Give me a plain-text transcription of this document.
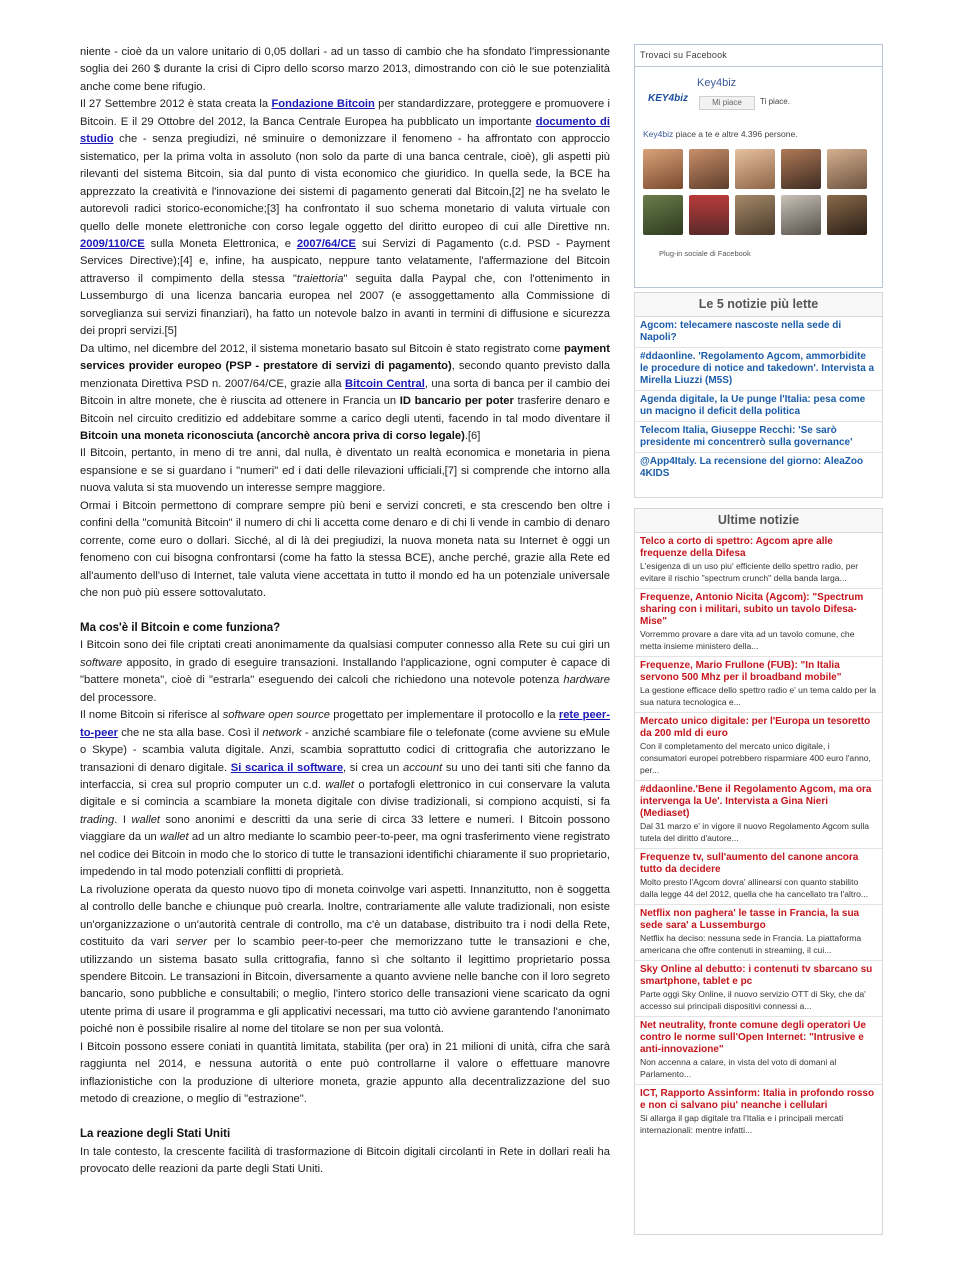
niente - cioè da un valore unitario di 0,05 dollari - ad un tasso di cambio che ha sfondato l'impressionante soglia dei 260 $ durante la crisi di Cipro dello scorso marzo 2013, dimostrando con ciò le sue potenzialità anche come bene rifugio.

Il 27 Settembre 2012 è stata creata la Fondazione Bitcoin per standardizzare, proteggere e promuovere i Bitcoin. E il 29 Ottobre del 2012, la Banca Centrale Europea ha pubblicato un importante documento di studio che - senza pregiudizi, né sminuire o demonizzare il fenomeno - ha affrontato con approccio sistematico, per la prima volta in assoluto (non solo da parte di una banca centrale, cioè), gli aspetti più rilevanti del sistema Bitcoin, sia dal punto di vista economico che giuridico. In quella sede, la BCE ha apprezzato la creatività e l'innovazione dei sistemi di pagamento generati dal Bitcoin,[2] ne ha svelato le autorevoli radici storico-economiche;[3] ha confrontato il suo schema monetario di valuta virtuale con quello delle monete elettroniche con corso legale oggetto del diritto europeo di cui alle Direttive nn. 2009/110/CE sulla Moneta Elettronica, e 2007/64/CE sui Servizi di Pagamento (c.d. PSD - Payment Services Directive);[4] e, infine, ha auspicato, neppure tanto velatamente, l'affermazione del Bitcoin attraverso il compimento della stessa "traiettoria" seguita dalla Paypal che, con l'ottenimento in Lussemburgo di una licenza bancaria europea nel 2007 (e assoggettamento alla Commissione di sorveglianza sui servizi finanziari), ha fatto un notevole balzo in avanti in termini di diffusione e sicurezza dei propri servizi.[5]

Da ultimo, nel dicembre del 2012, il sistema monetario basato sul Bitcoin è stato registrato come payment services provider europeo (PSP - prestatore di servizi di pagamento), secondo quanto previsto dalla menzionata Direttiva PSD n. 2007/64/CE, grazie alla Bitcoin Central, una sorta di banca per il cambio dei Bitcoin in altre monete, che è riuscita ad ottenere in Francia un ID bancario per poter trasferire denaro e Bitcoin nel circuito creditizio ed addebitare somme a carico degli utenti, facendo in tal modo diventare il Bitcoin una moneta riconosciuta (ancorchè ancora priva di corso legale).[6]

Il Bitcoin, pertanto, in meno di tre anni, dal nulla, è diventato un realtà economica e monetaria in piena espansione e se si guardano i "numeri" ed i dati delle rilevazioni ufficiali,[7] si comprende che intorno alla nuova valuta si sta muovendo un interesse sempre maggiore.

Ormai i Bitcoin permettono di comprare sempre più beni e servizi concreti, e sta crescendo ben oltre i confini della "comunità Bitcoin" il numero di chi li accetta come denaro e di chi li vende in cambio di denaro corrente, come euro o dollari. Sicché, al di là dei pregiudizi, la nuova moneta nata su Internet è oggi un fenomeno con cui bisogna confrontarsi (come ha fatto la stessa BCE), anche perché, grazie alla Rete ed all'aumento dell'uso di Internet, tale valuta viene accettata in tutto il mondo ed ha un potenziale universale che non può più essere sottovalutato.

Ma cos'è il Bitcoin e come funziona?

I Bitcoin sono dei file criptati creati anonimamente da qualsiasi computer connesso alla Rete su cui giri un software apposito, in grado di eseguire transazioni. Installando l'applicazione, ogni computer è capace di "battere moneta", cioè di "estrarla" eseguendo dei calcoli che richiedono una notevole potenza hardware del processore.

Il nome Bitcoin si riferisce al software open source progettato per implementare il protocollo e la rete peer-to-peer che ne sta alla base. Così il network - anziché scambiare file o telefonate (come avviene su eMule o Skype) - scambia valuta digitale. Anzi, scambia soprattutto codici di crittografia che autorizzano le transazioni di denaro digitale. Si scarica il software, si crea un account su uno dei tanti siti che fanno da interfaccia, si crea sul proprio computer un c.d. wallet o portafogli elettronico in cui conservare la valuta digitale e si comincia a scambiare la moneta digitale con divise tradizionali, si compiono acquisti, si fa trading. I wallet sono anonimi e descritti da una serie di circa 33 lettere e numeri. I Bitcoin possono viaggiare da un wallet ad un altro mediante lo scambio peer-to-peer, ma ogni trasferimento viene registrato nel codice dei Bitcoin in modo che lo storico di tutte le transazioni identifichi chiaramente il suo proprietario, impedendo in tal modo potenziali conflitti di proprietà.

La rivoluzione operata da questo nuovo tipo di moneta coinvolge vari aspetti. Innanzitutto, non è soggetta al controllo delle banche e chiunque può crearla. Inoltre, contrariamente alle valute tradizionali, non esiste un'organizzazione o un'autorità centrale di controllo, ma c'è un database, distribuito tra i nodi della Rete, costituito da vari server per lo scambio peer-to-peer che memorizzano tutte le transazioni e che, utilizzando un sistema basato sulla crittografia, fanno sì che soltanto il legittimo proprietario possa spendere Bitcoin. Le transazioni in Bitcoin, diversamente a quanto avviene nelle banche con il loro segreto bancario, sono pubbliche e consultabili; o meglio, l'intero storico delle transazioni viene scaricato da ogni utente prima di usare il programma e gli applicativi necessari, ma tutto ciò avviene garantendo l'anonimato poiché non è possibile risalire al nome del titolare se non per sua volontà.

I Bitcoin possono essere coniati in quantità limitata, stabilita (per ora) in 21 milioni di unità, cifra che sarà raggiunta nel 2014, e nessuna autorità o ente può controllarne il valore o effettuare manovre inflazionistiche con la produzione di ulteriore moneta, grazie appunto alla decentralizzazione del suo metodo di creazione, o meglio di "estrazione".

La reazione degli Stati Uniti

In tale contesto, la crescente facilità di trasformazione di Bitcoin digitali circolanti in Rete in dollari reali ha provocato delle reazioni da parte degli Stati Uniti.

Trovaci su Facebook
KEY4biz
Key4biz
Mi piace	Ti piace.
Key4biz piace a te e altre 4.396 persone.
Plug-in sociale di Facebook
Le 5 notizie più lette
Agcom: telecamere nascoste nella sede di Napoli?
#ddaonline. 'Regolamento Agcom, ammorbidite le procedure di notice and takedown'. Intervista a Mirella Liuzzi (M5S)
Agenda digitale, la Ue punge l'Italia: pesa come un macigno il deficit della politica
Telecom Italia, Giuseppe Recchi: 'Se sarò presidente mi concentrerò sulla governance'
@App4Italy. La recensione del giorno: AleaZoo 4KIDS
Ultime notizie
Telco a corto di spettro: Agcom apre alle frequenze della Difesa
L'esigenza di un uso piu' efficiente dello spettro radio, per evitare il rischio "spectrum crunch" della banda larga...
Frequenze, Antonio Nicita (Agcom): "Spectrum sharing con i militari, subito un tavolo Difesa-Mise"
Vorremmo provare a dare vita ad un tavolo comune, che metta insieme ministero della...
Frequenze, Mario Frullone (FUB): "In Italia servono 500 Mhz per il broadband mobile"
La gestione efficace dello spettro radio e' un tema caldo per la sua natura tecnologica e...
Mercato unico digitale: per l'Europa un tesoretto da 200 mld di euro
Con il completamento del mercato unico digitale, i consumatori europei potrebbero risparmiare 400 euro l'anno, per...
#ddaonline.'Bene il Regolamento Agcom, ma ora intervenga la Ue'. Intervista a Gina Nieri (Mediaset)
Dal 31 marzo e' in vigore il nuovo Regolamento Agcom sulla tutela del diritto d'autore...
Frequenze tv, sull'aumento del canone ancora tutto da decidere
Molto presto l'Agcom dovra' allinearsi con quanto stabilito dalla legge 44 del 2012, quella che ha cancellato tra l'altro...
Netflix non paghera' le tasse in Francia, la sua sede sara' a Lussemburgo
Netflix ha deciso: nessuna sede in Francia. La piattaforma americana che offre contenuti in streaming, il cui...
Sky Online al debutto: i contenuti tv sbarcano su smartphone, tablet e pc
Parte oggi Sky Online, il nuovo servizio OTT di Sky, che da' accesso sui principali dispositivi connessi a...
Net neutrality, fronte comune degli operatori Ue contro le norme sull'Open Internet: "Intrusive e anti-innovazione"
Non accenna a calare, in vista del voto di domani al Parlamento...
ICT, Rapporto Assinform: Italia in profondo rosso e non ci salvano piu' neanche i cellulari
Si allarga il gap digitale tra l'Italia e i principali mercati internazionali: mentre infatti...
